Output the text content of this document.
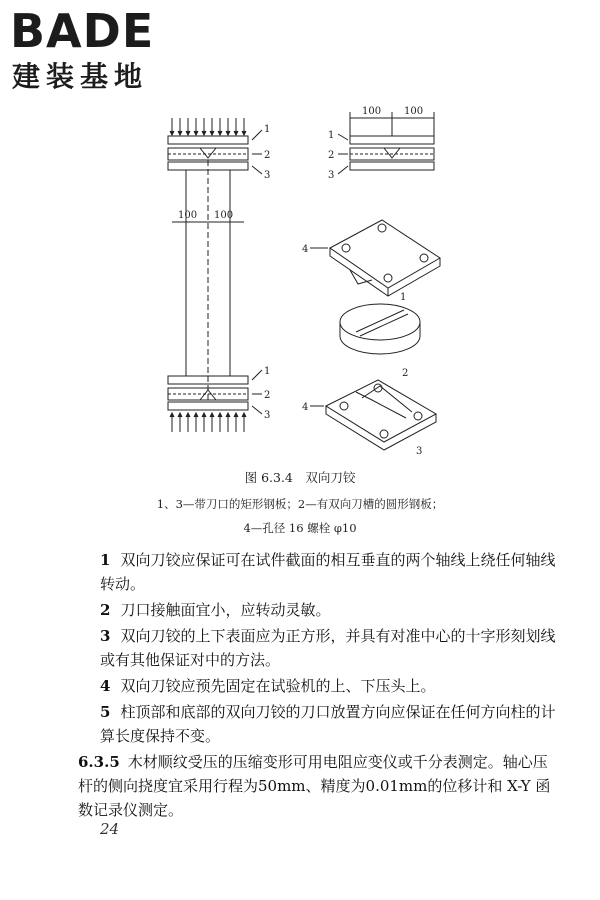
BADE
建装基地
1
2
3
100 100
1
2
3
100 100
1
2
3
4
1
2
4
3
图 6.3.4　双向刀铰
1、3—带刀口的矩形钢板；2—有双向刀槽的圆形钢板；
4—孔径 16 螺栓 φ10
1 双向刀铰应保证可在试件截面的相互垂直的两个轴线上绕任何轴线转动。
2 刀口接触面宜小，应转动灵敏。
3 双向刀铰的上下表面应为正方形，并具有对准中心的十字形刻划线或有其他保证对中的方法。
4 双向刀铰应预先固定在试验机的上、下压头上。
5 柱顶部和底部的双向刀铰的刀口放置方向应保证在任何方向柱的计算长度保持不变。
6.3.5 木材顺纹受压的压缩变形可用电阻应变仪或千分表测定。轴心压杆的侧向挠度宜采用行程为50mm、精度为0.01mm的位移计和 X-Y 函数记录仪测定。
24
